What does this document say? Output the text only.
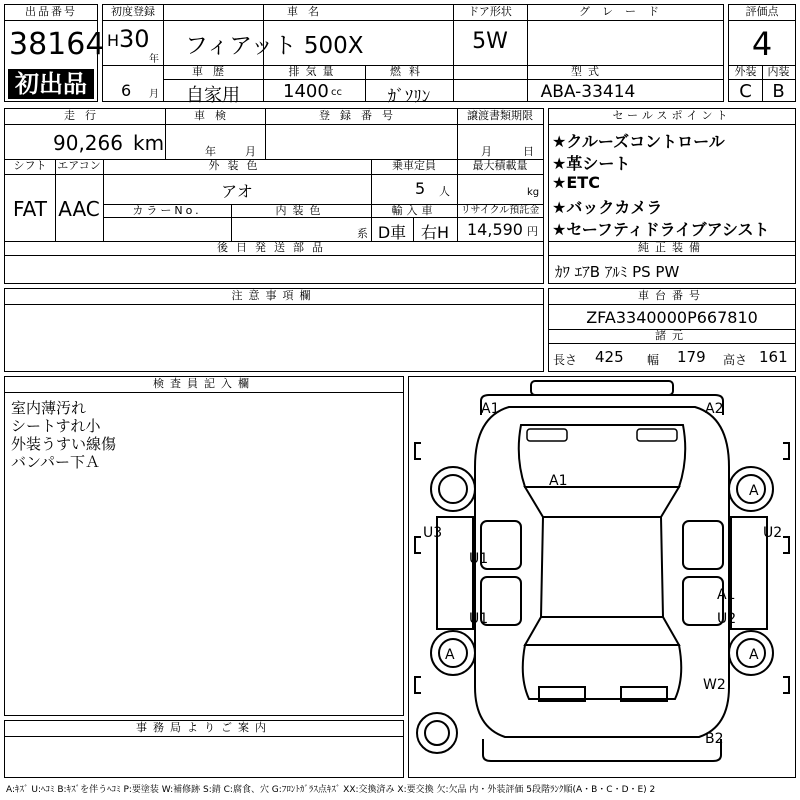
出品番号
38164
初出品
初度登録
H 30
年
6 月
車名
フィアット 500X
ドア形状
5W
グレード
車歴
自家用
排気量
1400 cc
燃料
ｶﾞｿﾘﾝ
型式
ABA-33414
評価点
4
外装	内装
C	B
走行
90,266 km
車検
年	月
登録番号	譲渡書類期限
月	日
シフト
FAT
エアコン
AAC
外装色
アオ
乗車定員
5 人
最大積載量
kg
カラーNo.	内装色
系
輸入車
D車 右H
リサイクル預託金
14,590 円
後日発送部品
セールスポイント
★クルーズコントロール
★革シート
★ETC
★バックカメラ
★セーフティドライブアシスト
純正装備
ｶﾜ ｴｱB ｱﾙﾐ PS PW
注意事項欄	車台番号
ZFA3340000P667810
諸元
長さ 425 幅 179 高さ 161
検査員記入欄
室内薄汚れ
シートすれ小
外装うすい線傷
バンパー下Ａ
事務局よりご案内
A1	A2
A1
A
U3	U2
U1
U1
A1
U2
A	A
W2
B2
A:ｷｽﾞ U:ﾍｺﾐ B:ｷｽﾞを伴うﾍｺﾐ P:要塗装 W:補修跡 S:錆 C:腐食、穴 G:ﾌﾛﾝﾄｶﾞﾗｽ点ｷｽﾞ XX:交換済み X:要交換 欠:欠品 内・外装評価 5段階ﾗﾝｸ順(A・B・C・D・E) 2
